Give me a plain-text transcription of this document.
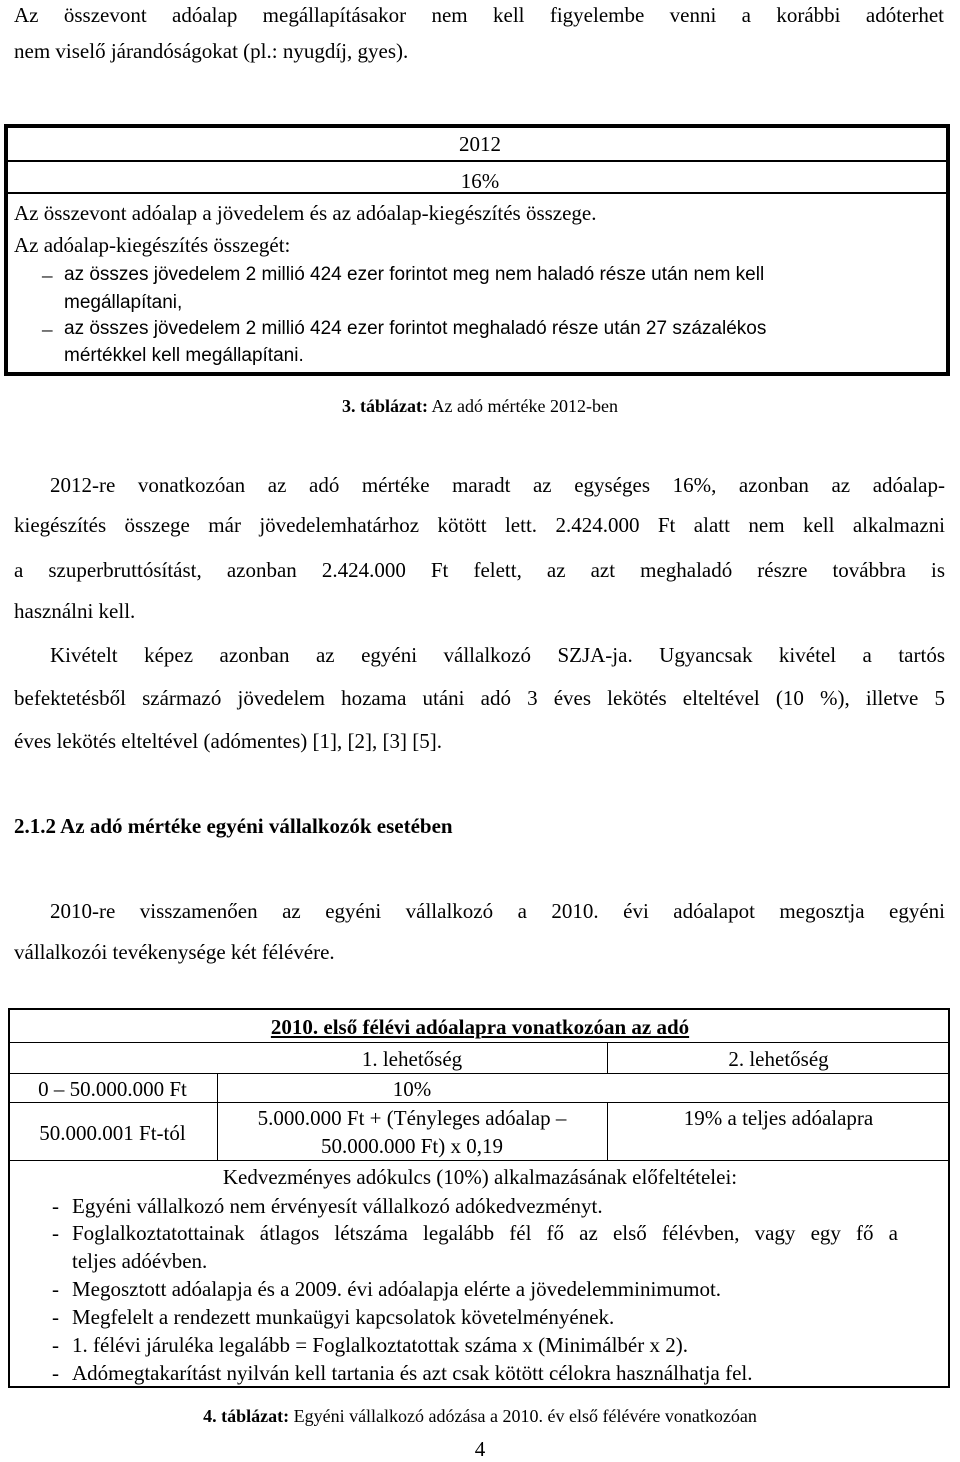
Az összevont adóalap megállapításakor nem kell figyelembe venni a korábbi adóterhet
nem viselő járandóságokat (pl.: nyugdíj, gyes).
2012
16%
Az összevont adóalap a jövedelem és az adóalap-kiegészítés összege.
Az adóalap-kiegészítés összegét:
– az összes jövedelem 2 millió 424 ezer forintot meg nem haladó része után nem kell
megállapítani,
– az összes jövedelem 2 millió 424 ezer forintot meghaladó része után 27 százalékos
mértékkel kell megállapítani.
3. táblázat: Az adó mértéke 2012-ben
2012-re vonatkozóan az adó mértéke maradt az egységes 16%, azonban az adóalap-
kiegészítés összege már jövedelemhatárhoz kötött lett. 2.424.000 Ft alatt nem kell alkalmazni
a szuperbruttósítást, azonban 2.424.000 Ft felett, az azt meghaladó részre továbbra is
használni kell.
Kivételt képez azonban az egyéni vállalkozó SZJA-ja. Ugyancsak kivétel a tartós
befektetésből származó jövedelem hozama utáni adó 3 éves lekötés elteltével (10 %), illetve 5
éves lekötés elteltével (adómentes) [1], [2], [3] [5].
2.1.2 Az adó mértéke egyéni vállalkozók esetében
2010-re visszamenően az egyéni vállalkozó a 2010. évi adóalapot megosztja egyéni
vállalkozói tevékenysége két félévére.
2010. első félévi adóalapra vonatkozóan az adó
1. lehetőség	2. lehetőség
0 – 50.000.000 Ft	10%
50.000.001 Ft-tól
5.000.000 Ft + (Tényleges adóalap –
50.000.000 Ft) x 0,19
19% a teljes adóalapra
Kedvezményes adókulcs (10%) alkalmazásának előfeltételei:
- Egyéni vállalkozó nem érvényesít vállalkozó adókedvezményt.
- Foglalkoztatottainak átlagos létszáma legalább fél fő az első félévben, vagy egy fő a
teljes adóévben.
- Megosztott adóalapja és a 2009. évi adóalapja elérte a jövedelemminimumot.
- Megfelelt a rendezett munkaügyi kapcsolatok követelményének.
- 1. félévi járuléka legalább = Foglalkoztatottak száma x (Minimálbér x 2).
- Adómegtakarítást nyilván kell tartania és azt csak kötött célokra használhatja fel.
4. táblázat: Egyéni vállalkozó adózása a 2010. év első félévére vonatkozóan
4
